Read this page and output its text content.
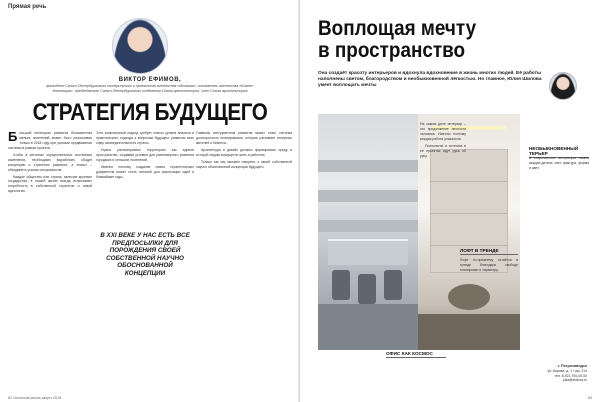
Прямая речь
ВИКТОР ЕФИМОВ,
президент Санкт-Петербургского интерьерного и проектного агентства «Мозаика», основатель агентства «Бизнес-Инновация». председатель Санкт-Петербургского отделения Союза архитекторов, Член Союза архитекторов
СТРАТЕГИЯ БУДУЩЕГО

Большой потенциал развития большинства мелких поселений может быть реализован только в 2018 году при условии продвижения системы в рамках проекта.

Чтобы в регионах осуществлялись системные изменения, необходимо выработать общую концепцию и стратегию развития, а значит – объединить усилия специалистов.

Каждое общество или страна, включая крупные государства, в нашей жизни всегда испытывает потребность в собственной стратегии и новой идеологии.

Этот комплексный подход требует нового уровня анализа и практического подхода к вопросам будущего развития всех сфер жизнедеятельности страны.

Нужно рассматривать территорию как единое пространство, создавая условия для равномерного развития городских и сельских поселений.

Именно поэтому создание новых стратегических документов может стать основой для реализации идей в ближайшие годы.

В XXI ВЕКЕ У НАС ЕСТЬ ВСЕ ПРЕДПОСЫЛКИ ДЛЯ ПОРОЖДЕНИЯ СВОЕЙ СОБСТВЕННОЙ НАУЧНО ОБОСНОВАННОЙ КОНЦЕПЦИИ

Главным инструментом развития может стать система долгосрочного планирования, которая учитывает интересы жителей и бизнеса.

Архитектура и дизайн должны формировать среду, в которой людям комфортно жить и работать.

Только так мы сможем говорить о своей собственной научно обоснованной концепции будущего.

82 Ческтская жизнь август 2018
Воплощая мечту
в пространство
Она создаёт красоту интерьеров и вдохнула вдохновение в жизнь многих людей. Её работы наполнены светом, благородством и необыкновенной лёгкостью. Но главное, Юлия Шилова умеет воплощать мечты

На самом деле интерьер – это продолжение личности человека. Именно поэтому каждая работа уникальна.

Психология и эстетика в её проектах идут рука об руку.

НЕОБЫКНОВЕННЫЙ ТЕРЬЕР

В современных интерьерах важна каждая деталь: свет, фактура, форма и цвет.

ЛОФТ В ТРЕНДЕ

Лофт по-прежнему остаётся в тренде благодаря свободе планировки и характеру.

ОФИС КАК КОСМОС
г. Петрозаводск
ул. Кирова, д. 1 / оф. 214
тел. 8-921-700-00-00
julia@shilova.ru
83
